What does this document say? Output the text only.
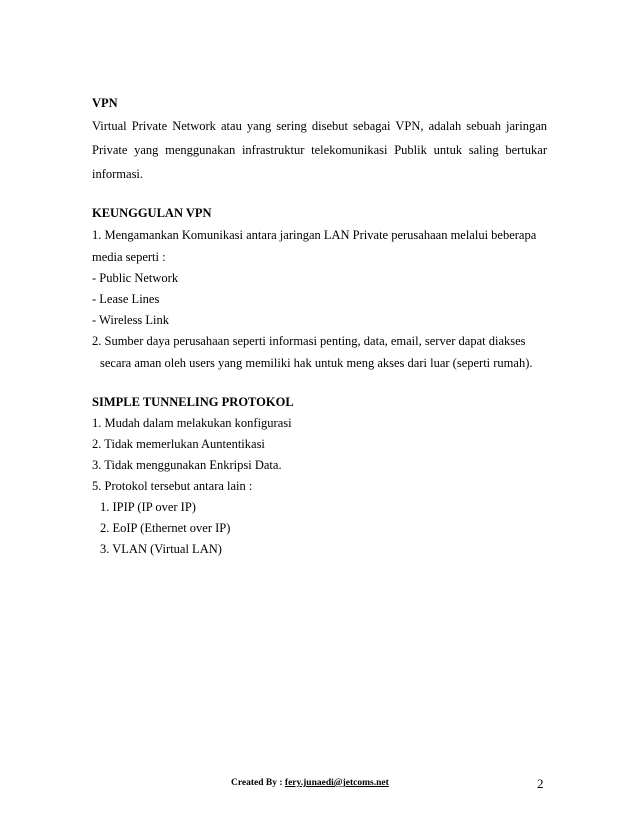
VPN

Virtual Private Network atau yang sering disebut sebagai VPN, adalah sebuah jaringan Private yang menggunakan infrastruktur telekomunikasi Publik untuk saling bertukar informasi.

KEUNGGULAN VPN

1. Mengamankan Komunikasi antara jaringan LAN Private perusahaan melalui beberapa

media seperti :

- Public Network

- Lease Lines

- Wireless Link

2. Sumber daya perusahaan seperti informasi penting, data, email, server dapat diakses

secara aman oleh users yang memiliki hak untuk meng akses dari luar (seperti rumah).

SIMPLE TUNNELING PROTOKOL

1. Mudah dalam melakukan konfigurasi

2. Tidak memerlukan Auntentikasi

3. Tidak menggunakan Enkripsi Data.

5. Protokol tersebut antara lain :

1. IPIP (IP over IP)

2. EoIP (Ethernet over IP)

3. VLAN (Virtual LAN)

Created By : fery.junaedi@jetcoms.net	2
